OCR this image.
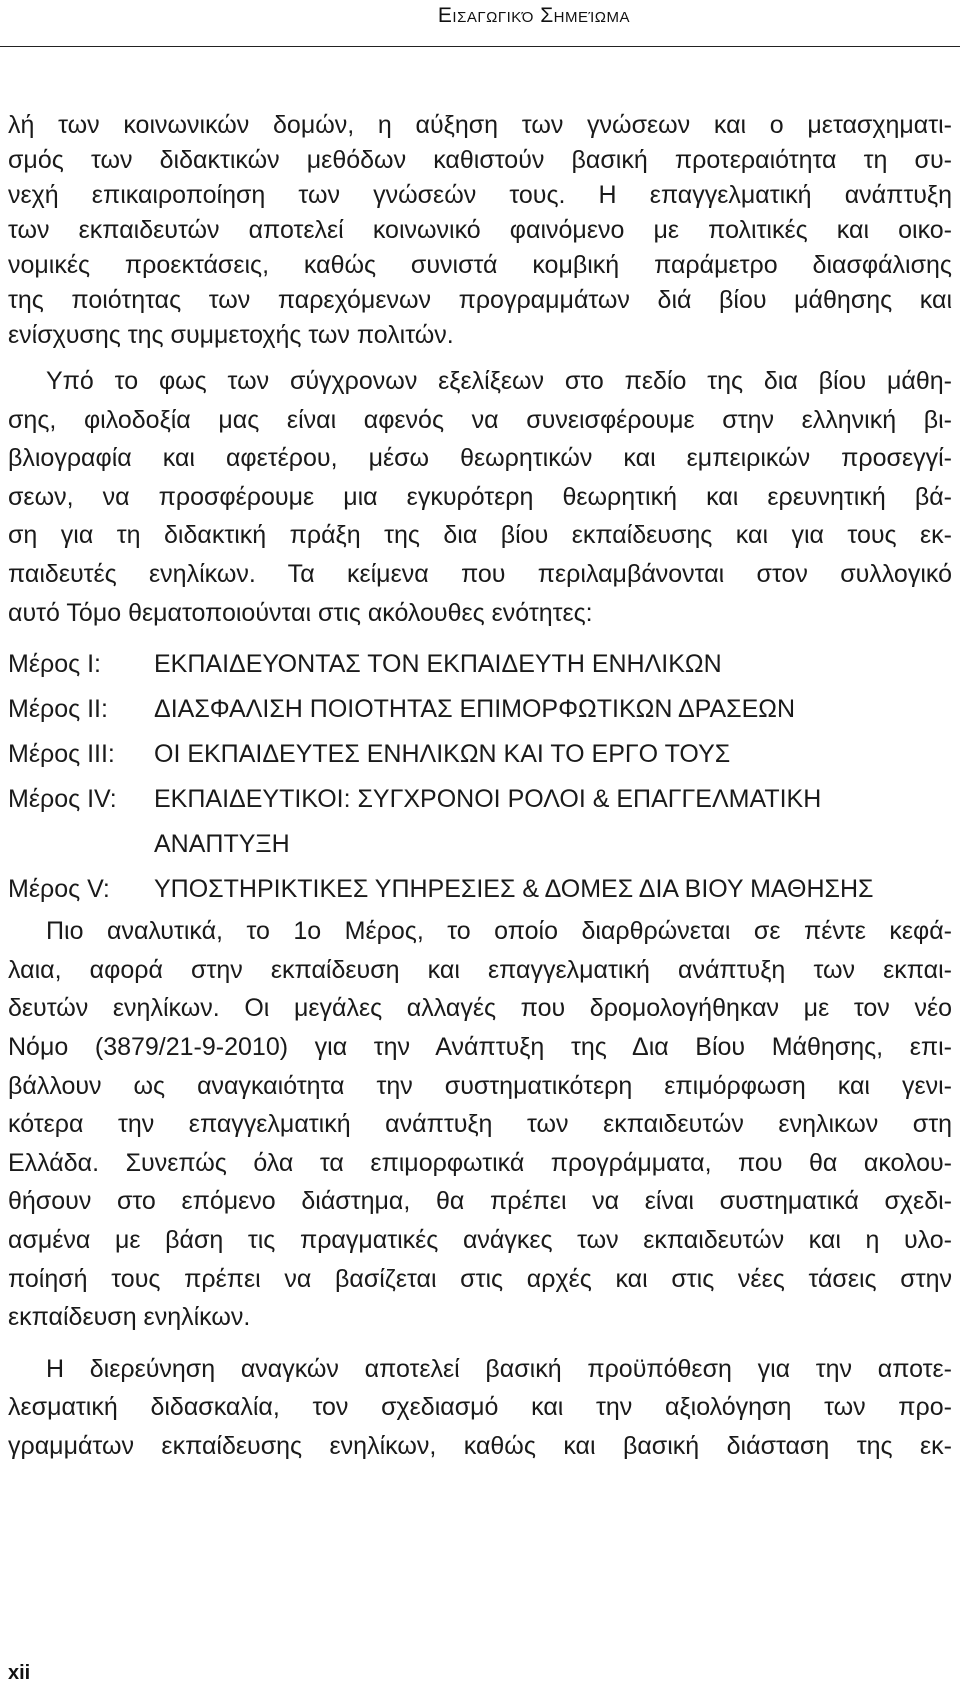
Εισαγωγικό Σημείωμα
λή των κοινωνικών δομών, η αύξηση των γνώσεων και ο μετασχηματι-
σμός των διδακτικών μεθόδων καθιστούν βασική προτεραιότητα τη συ-
νεχή επικαιροποίηση των γνώσεών τους. Η επαγγελματική ανάπτυξη
των εκπαιδευτών αποτελεί κοινωνικό φαινόμενο με πολιτικές και οικο-
νομικές προεκτάσεις, καθώς συνιστά κομβική παράμετρο διασφάλισης
της ποιότητας των παρεχόμενων προγραμμάτων διά βίου μάθησης και
ενίσχυσης της συμμετοχής των πολιτών.
Υπό το φως των σύγχρονων εξελίξεων στο πεδίο της δια βίου μάθη-
σης, φιλοδοξία μας είναι αφενός να συνεισφέρουμε στην ελληνική βι-
βλιογραφία και αφετέρου, μέσω θεωρητικών και εμπειρικών προσεγγί-
σεων, να προσφέρουμε μια εγκυρότερη θεωρητική και ερευνητική βά-
ση για τη διδακτική πράξη της δια βίου εκπαίδευσης και για τους εκ-
παιδευτές ενηλίκων. Τα κείμενα που περιλαμβάνονται στον συλλογικό
αυτό Τόμο θεματοποιούνται στις ακόλουθες ενότητες:
Μέρος Ι:	ΕΚΠΑΙΔΕΥΟΝΤΑΣ ΤΟΝ ΕΚΠΑΙΔΕΥΤΗ ΕΝΗΛΙΚΩΝ
Μέρος ΙΙ:	ΔΙΑΣΦΑΛΙΣΗ ΠΟΙΟΤΗΤΑΣ ΕΠΙΜΟΡΦΩΤΙΚΩΝ ΔΡΑΣΕΩΝ
Μέρος ΙΙΙ:	ΟΙ ΕΚΠΑΙΔΕΥΤΕΣ ΕΝΗΛΙΚΩΝ ΚΑΙ ΤΟ ΕΡΓΟ ΤΟΥΣ
Μέρος IV:	ΕΚΠΑΙΔΕΥΤΙΚΟΙ: ΣΥΓΧΡΟΝΟΙ ΡΟΛΟΙ & ΕΠΑΓΓΕΛΜΑΤΙΚΗ
ΑΝΑΠΤΥΞΗ
Μέρος V:	ΥΠΟΣΤΗΡΙΚΤΙΚΕΣ ΥΠΗΡΕΣΙΕΣ & ΔΟΜΕΣ ΔΙΑ ΒΙΟΥ ΜΑΘΗΣΗΣ
Πιο αναλυτικά, το 1ο Μέρος, το οποίο διαρθρώνεται σε πέντε κεφά-
λαια, αφορά στην εκπαίδευση και επαγγελματική ανάπτυξη των εκπαι-
δευτών ενηλίκων. Οι μεγάλες αλλαγές που δρομολογήθηκαν με τον νέο
Νόμο (3879/21-9-2010) για την Ανάπτυξη της Δια Βίου Μάθησης, επι-
βάλλουν ως αναγκαιότητα την συστηματικότερη επιμόρφωση και γενι-
κότερα την επαγγελματική ανάπτυξη των εκπαιδευτών ενηλικων στη
Ελλάδα. Συνεπώς όλα τα επιμορφωτικά προγράμματα, που θα ακολου-
θήσουν στο επόμενο διάστημα, θα πρέπει να είναι συστηματικά σχεδι-
ασμένα με βάση τις πραγματικές ανάγκες των εκπαιδευτών και η υλο-
ποίησή τους πρέπει να βασίζεται στις αρχές και στις νέες τάσεις στην
εκπαίδευση ενηλίκων.
Η διερεύνηση αναγκών αποτελεί βασική προϋπόθεση για την αποτε-
λεσματική διδασκαλία, τον σχεδιασμό και την αξιολόγηση των προ-
γραμμάτων εκπαίδευσης ενηλίκων, καθώς και βασική διάσταση της εκ-
xii
